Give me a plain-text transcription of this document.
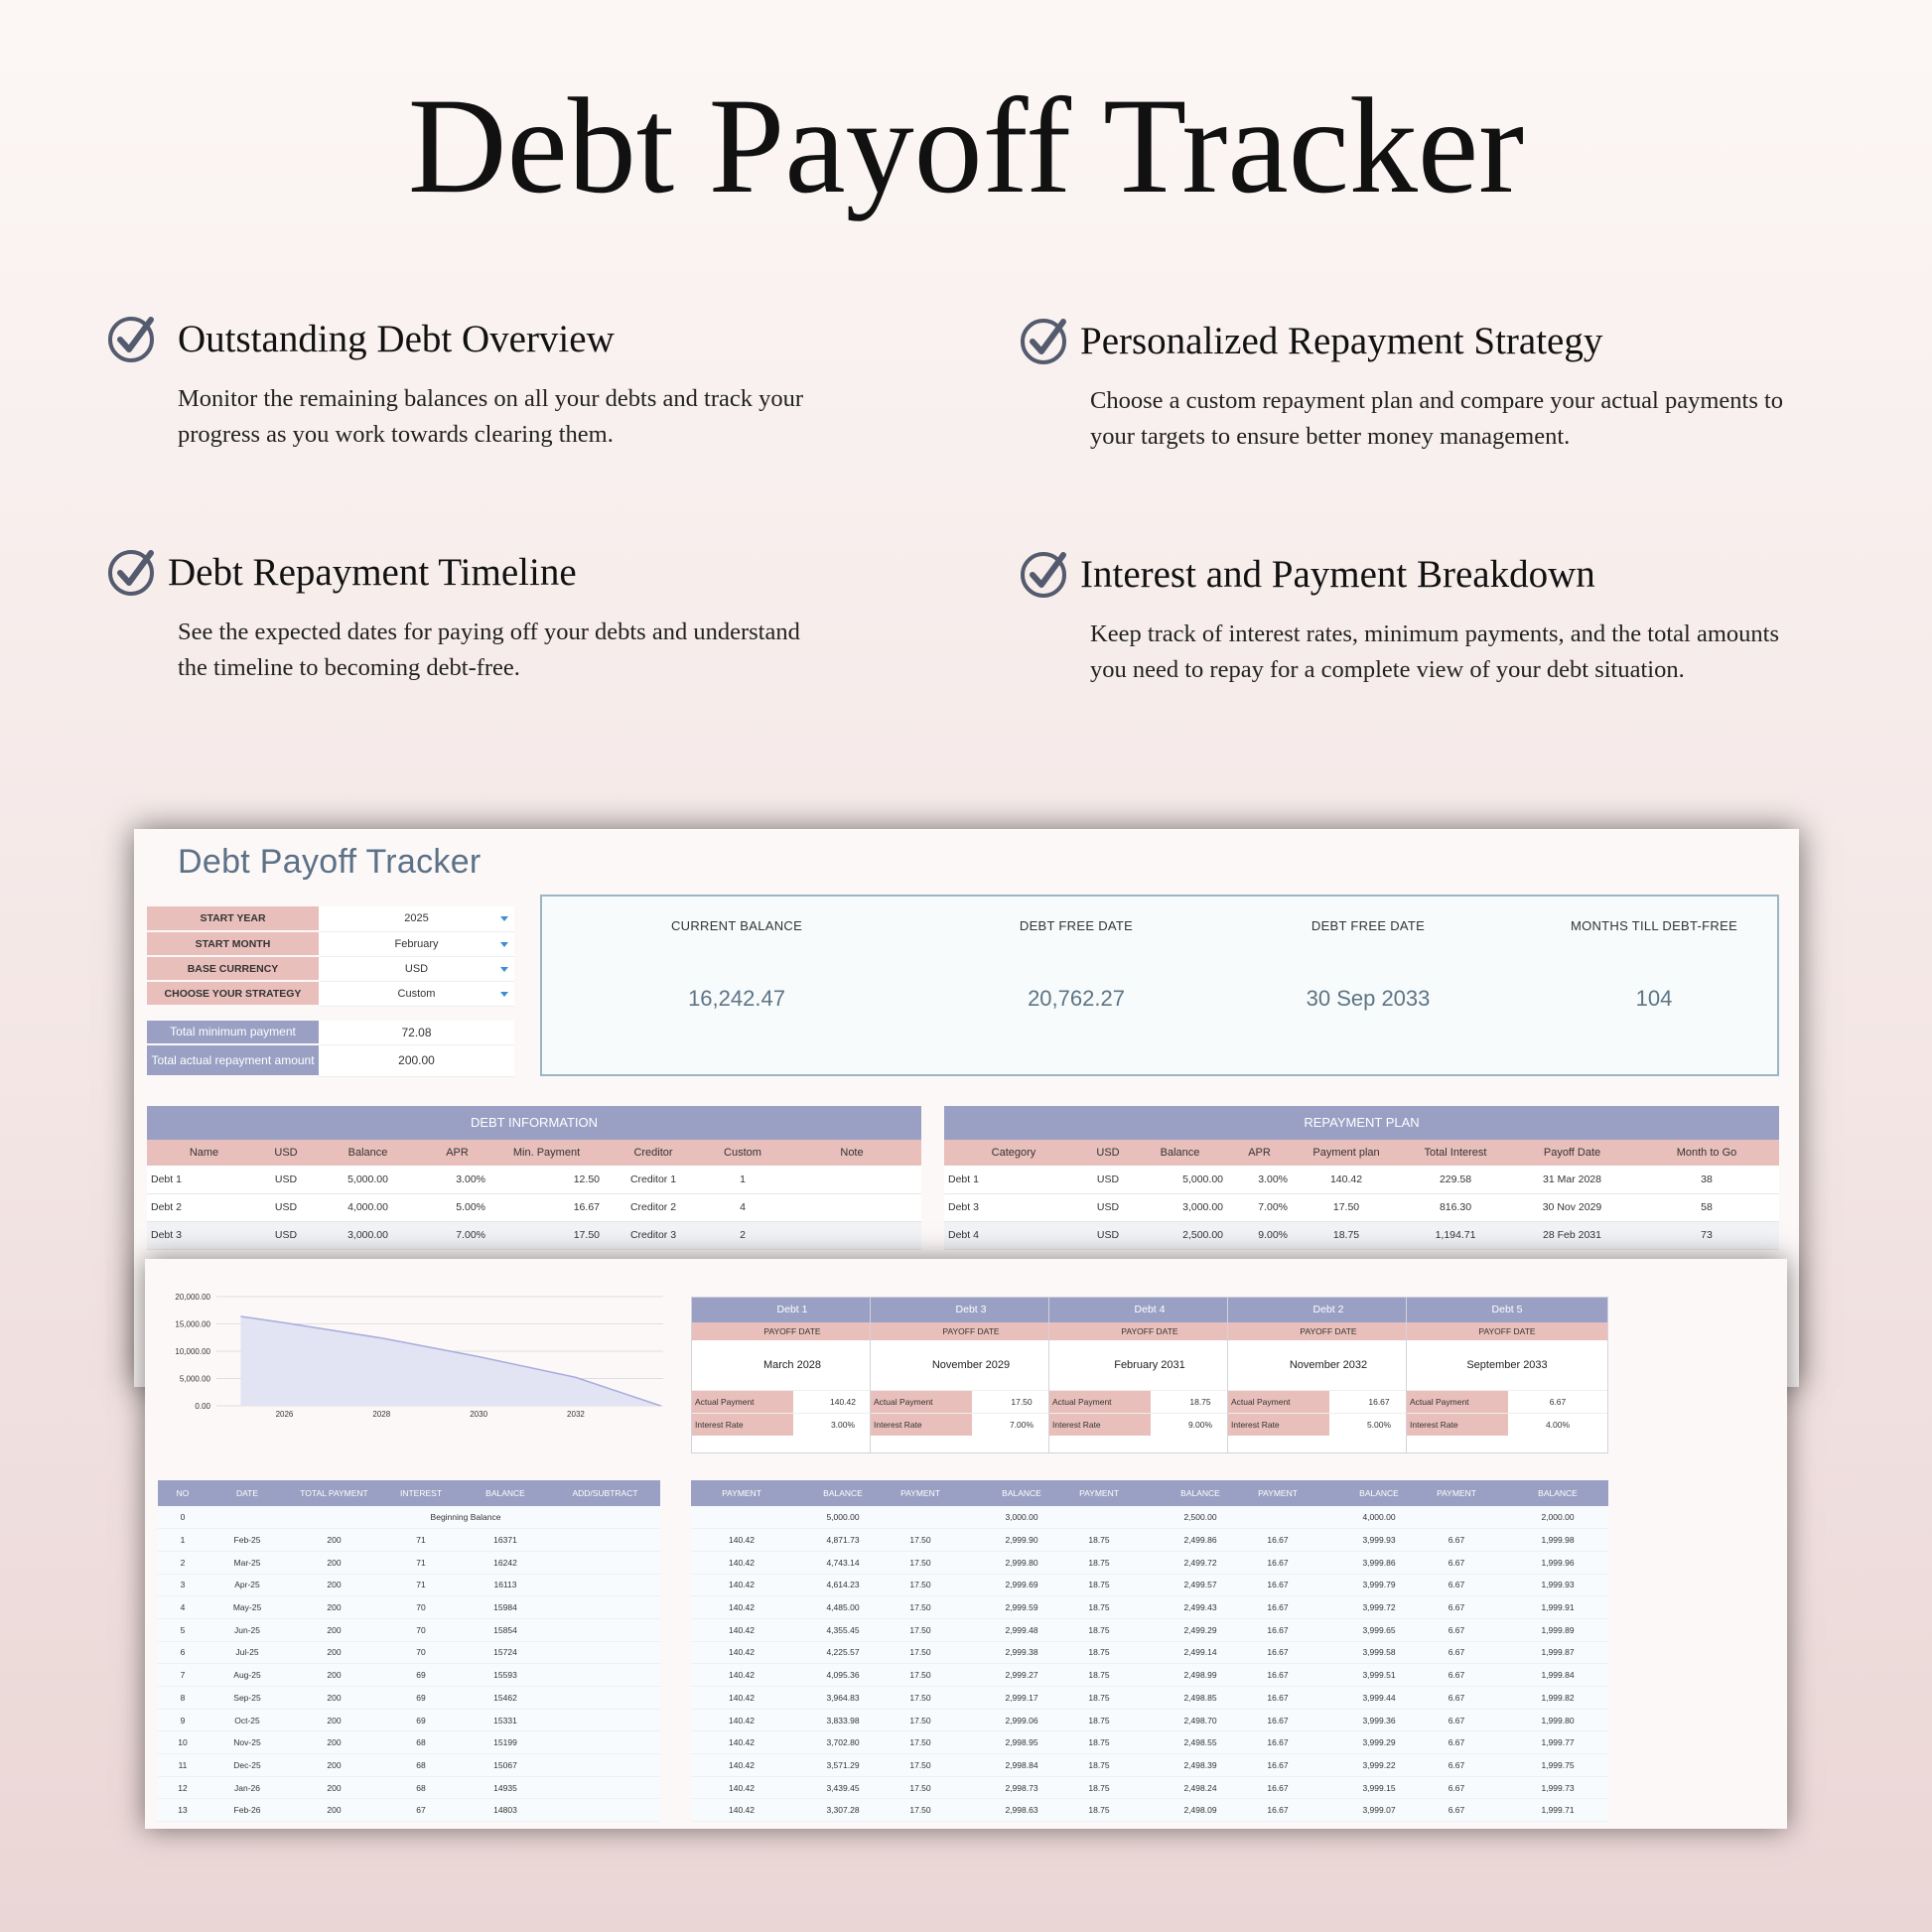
Debt Payoff Tracker
Outstanding Debt Overview

Monitor the remaining balances on all your debts and track your
progress as you work towards clearing them.

Personalized Repayment Strategy

Choose a custom repayment plan and compare your actual payments to
your targets to ensure better money management.

Debt Repayment Timeline

See the expected dates for paying off your debts and understand
the timeline to becoming debt-free.

Interest and Payment Breakdown

Keep track of interest rates, minimum payments, and the total amounts
you need to repay for a complete view of your debt situation.

Debt Payoff Tracker
START YEAR	2025

START MONTH	February

BASE CURRENCY	USD

CHOOSE YOUR STRATEGY	Custom
Total minimum payment	72.08
Total actual repayment amount	200.00
CURRENT BALANCE
16,242.47
DEBT FREE DATE
20,762.27
DEBT FREE DATE
30 Sep 2033
MONTHS TILL DEBT-FREE
104
DEBT INFORMATION
Name	USD	Balance	APR	Min. Payment	Creditor	Custom	Note
Debt 1	USD	5,000.00	3.00%	12.50	Creditor 1	1	
Debt 2	USD	4,000.00	5.00%	16.67	Creditor 2	4	
Debt 3	USD	3,000.00	7.00%	17.50	Creditor 3	2	
REPAYMENT PLAN
Category	USD	Balance	APR	Payment plan	Total Interest	Payoff Date	Month to Go
Debt 1	USD	5,000.00	3.00%	140.42	229.58	31 Mar 2028	38
Debt 3	USD	3,000.00	7.00%	17.50	816.30	30 Nov 2029	58
Debt 4	USD	2,500.00	9.00%	18.75	1,194.71	28 Feb 2031	73
20,000.00
15,000.00
10,000.00
5,000.00
0.00
2026	2028	2030	2032
Debt 1
PAYOFF DATE
March 2028
Actual Payment	140.42
Interest Rate	3.00%
Debt 3
PAYOFF DATE
November 2029
Actual Payment	17.50
Interest Rate	7.00%
Debt 4
PAYOFF DATE
February 2031
Actual Payment	18.75
Interest Rate	9.00%
Debt 2
PAYOFF DATE
November 2032
Actual Payment	16.67
Interest Rate	5.00%
Debt 5
PAYOFF DATE
September 2033
Actual Payment	6.67
Interest Rate	4.00%
NO	DATE	TOTAL PAYMENT	INTEREST	BALANCE	ADD/SUBTRACT
0			Beginning Balance		
1	Feb-25	200	71	16371	
2	Mar-25	200	71	16242	
3	Apr-25	200	71	16113	
4	May-25	200	70	15984	
5	Jun-25	200	70	15854	
6	Jul-25	200	70	15724	
7	Aug-25	200	69	15593	
8	Sep-25	200	69	15462	
9	Oct-25	200	69	15331	
10	Nov-25	200	68	15199	
11	Dec-25	200	68	15067	
12	Jan-26	200	68	14935	
13	Feb-26	200	67	14803	
PAYMENT	BALANCE
	5,000.00
140.42	4,871.73
140.42	4,743.14
140.42	4,614.23
140.42	4,485.00
140.42	4,355.45
140.42	4,225.57
140.42	4,095.36
140.42	3,964.83
140.42	3,833.98
140.42	3,702.80
140.42	3,571.29
140.42	3,439.45
140.42	3,307.28
PAYMENT	BALANCE
	3,000.00
17.50	2,999.90
17.50	2,999.80
17.50	2,999.69
17.50	2,999.59
17.50	2,999.48
17.50	2,999.38
17.50	2,999.27
17.50	2,999.17
17.50	2,999.06
17.50	2,998.95
17.50	2,998.84
17.50	2,998.73
17.50	2,998.63
PAYMENT	BALANCE
	2,500.00
18.75	2,499.86
18.75	2,499.72
18.75	2,499.57
18.75	2,499.43
18.75	2,499.29
18.75	2,499.14
18.75	2,498.99
18.75	2,498.85
18.75	2,498.70
18.75	2,498.55
18.75	2,498.39
18.75	2,498.24
18.75	2,498.09
PAYMENT	BALANCE
	4,000.00
16.67	3,999.93
16.67	3,999.86
16.67	3,999.79
16.67	3,999.72
16.67	3,999.65
16.67	3,999.58
16.67	3,999.51
16.67	3,999.44
16.67	3,999.36
16.67	3,999.29
16.67	3,999.22
16.67	3,999.15
16.67	3,999.07
PAYMENT	BALANCE
	2,000.00
6.67	1,999.98
6.67	1,999.96
6.67	1,999.93
6.67	1,999.91
6.67	1,999.89
6.67	1,999.87
6.67	1,999.84
6.67	1,999.82
6.67	1,999.80
6.67	1,999.77
6.67	1,999.75
6.67	1,999.73
6.67	1,999.71
